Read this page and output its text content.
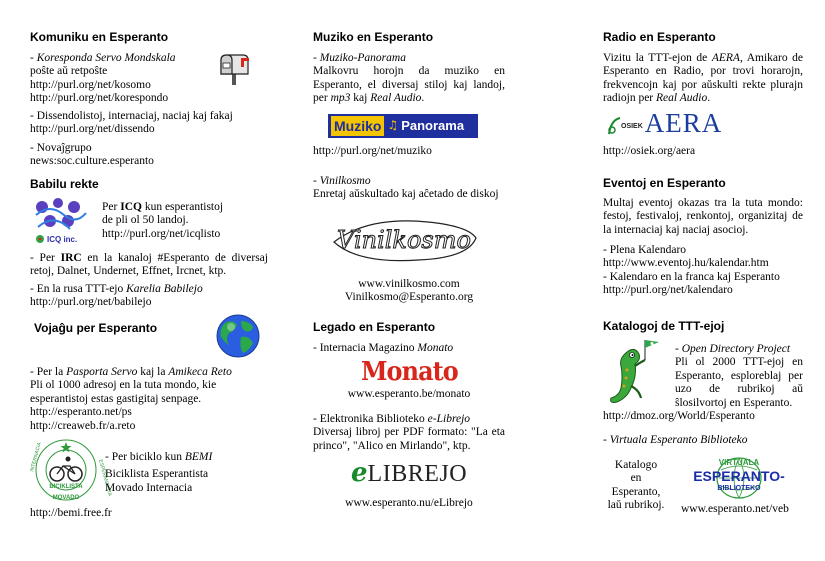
Komuniku en Esperanto
- Koresponda Servo Mondskala
poŝte aŭ retpoŝte
http://purl.org/net/kosomo
http://purl.org/net/korespondo
- Dissendolistoj, internaciaj, naciaj kaj fakaj
http://purl.org/net/dissendo
- Novaĵgrupo
news:soc.culture.esperanto
Babilu rekte
ICQ inc.
Per ICQ kun esperantistoj
de pli ol 50 landoj.
http://purl.org/net/icqlisto
- Per IRC en la kanaloj #Esperanto de diversaj retoj, Dalnet, Undernet, Effnet, Ircnet, ktp.
- En la rusa TTT-ejo Karelia Babilejo
http://purl.org/net/babilejo
Vojaĝu per Esperanto
- Per la Pasporta Servo kaj la Amikeca Reto
Pli ol 1000 adresoj en la tuta mondo, kie
esperantistoj estas gastigitaj senpage.
http://esperanto.net/ps
http://creaweb.fr/a.reto
BICIKLISTA
INTERNACIA
ESPERANTISTA
MOVADO
- Per biciklo kun BEMI
Biciklista Esperantista
Movado Internacia
http://bemi.free.fr
Muziko en Esperanto
- Muziko-Panorama
Malkovru horojn da muziko en Esperanto, el diversaj stiloj kaj landoj, per mp3 kaj Real Audio.
Muziko ♫ Panorama
http://purl.org/net/muziko
- Vinilkosmo
Enretaj aŭskultado kaj aĉetado de diskoj
Vinilkosmo
www.vinilkosmo.com
Vinilkosmo@Esperanto.org
Legado en Esperanto
- Internacia Magazino Monato
Monato
www.esperanto.be/monato
- Elektronika Biblioteko e-Librejo
Diversaj libroj per PDF formato: "La eta princo", "Alico en Mirlando", ktp.
eLIBREJO
www.esperanto.nu/eLibrejo
Radio en Esperanto
Vizitu la TTT-ejon de AERA, Amikaro de Esperanto en Radio, por trovi horarojn, frekvencojn kaj por aŭskulti rekte plurajn radiojn per Real Audio.
OSIEK AERA
http://osiek.org/aera
Eventoj en Esperanto
Multaj eventoj okazas tra la tuta mondo: festoj, festivaloj, renkontoj, organizitaj de la internaciaj kaj naciaj asocioj.
- Plena Kalendaro
http://www.eventoj.hu/kalendar.htm
- Kalendaro en la franca kaj Esperanto
http://purl.org/net/kalendaro
Katalogoj de TTT-ejoj
- Open Directory Project
Pli ol 2000 TTT-ejoj en Esperanto, esploreblaj per uzo de rubrikoj aŭ ŝlosilvortoj en Esperanto.
http://dmoz.org/World/Esperanto
- Virtuala Esperanto Biblioteko
Katalogo
en
Esperanto,
laŭ rubrikoj.
VIRTUALA
ESPERANTO-
BIBLIOTEKO
www.esperanto.net/veb
